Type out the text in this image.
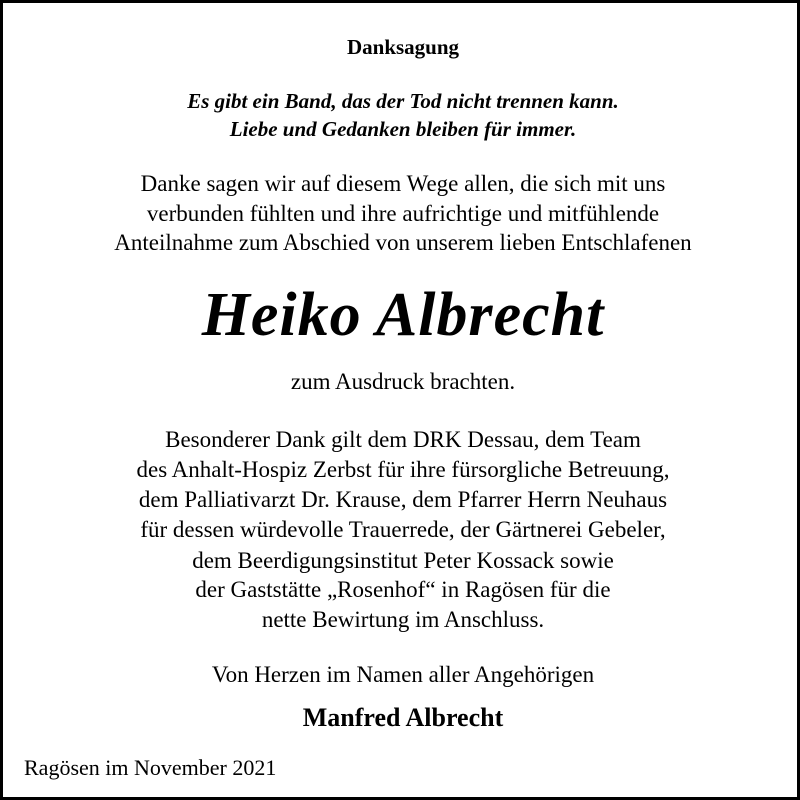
Danksagung
Es gibt ein Band, das der Tod nicht trennen kann.
Liebe und Gedanken bleiben für immer.
Danke sagen wir auf diesem Wege allen, die sich mit uns
verbunden fühlten und ihre aufrichtige und mitfühlende
Anteilnahme zum Abschied von unserem lieben Entschlafenen
Heiko Albrecht
zum Ausdruck brachten.
Besonderer Dank gilt dem DRK Dessau, dem Team
des Anhalt-Hospiz Zerbst für ihre fürsorgliche Betreuung,
dem Palliativarzt Dr. Krause, dem Pfarrer Herrn Neuhaus
für dessen würdevolle Trauerrede, der Gärtnerei Gebeler,
dem Beerdigungsinstitut Peter Kossack sowie
der Gaststätte „Rosenhof“ in Ragösen für die
nette Bewirtung im Anschluss.
Von Herzen im Namen aller Angehörigen
Manfred Albrecht
Ragösen im November 2021
